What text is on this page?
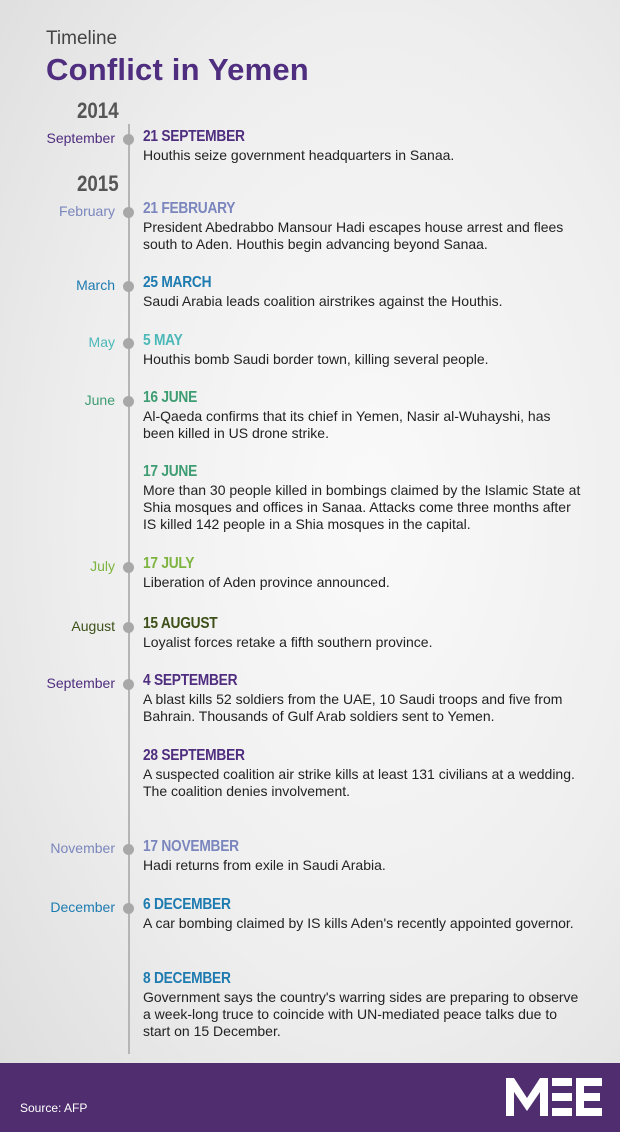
Timeline
Conflict in Yemen
2014
2015
September 21 SEPTEMBER
Houthis seize government headquarters in Sanaa.
February 21 FEBRUARY
President Abedrabbo Mansour Hadi escapes house arrest and flees south to Aden. Houthis begin advancing beyond Sanaa.
March 25 MARCH
Saudi Arabia leads coalition airstrikes against the Houthis.
May 5 MAY
Houthis bomb Saudi border town, killing several people.
June 16 JUNE
Al-Qaeda confirms that its chief in Yemen, Nasir al-Wuhayshi, has been killed in US drone strike.
17 JUNE
More than 30 people killed in bombings claimed by the Islamic State at Shia mosques and offices in Sanaa. Attacks come three months after IS killed 142 people in a Shia mosques in the capital.
July 17 JULY
Liberation of Aden province announced.
August 15 AUGUST
Loyalist forces retake a fifth southern province.
September 4 SEPTEMBER
A blast kills 52 soldiers from the UAE, 10 Saudi troops and five from Bahrain. Thousands of Gulf Arab soldiers sent to Yemen.
28 SEPTEMBER
A suspected coalition air strike kills at least 131 civilians at a wedding.
The coalition denies involvement.
November 17 NOVEMBER
Hadi returns from exile in Saudi Arabia.
December 6 DECEMBER
A car bombing claimed by IS kills Aden's recently appointed governor.
8 DECEMBER
Government says the country's warring sides are preparing to observe a week-long truce to coincide with UN-mediated peace talks due to start on 15 December.
Source: AFP
